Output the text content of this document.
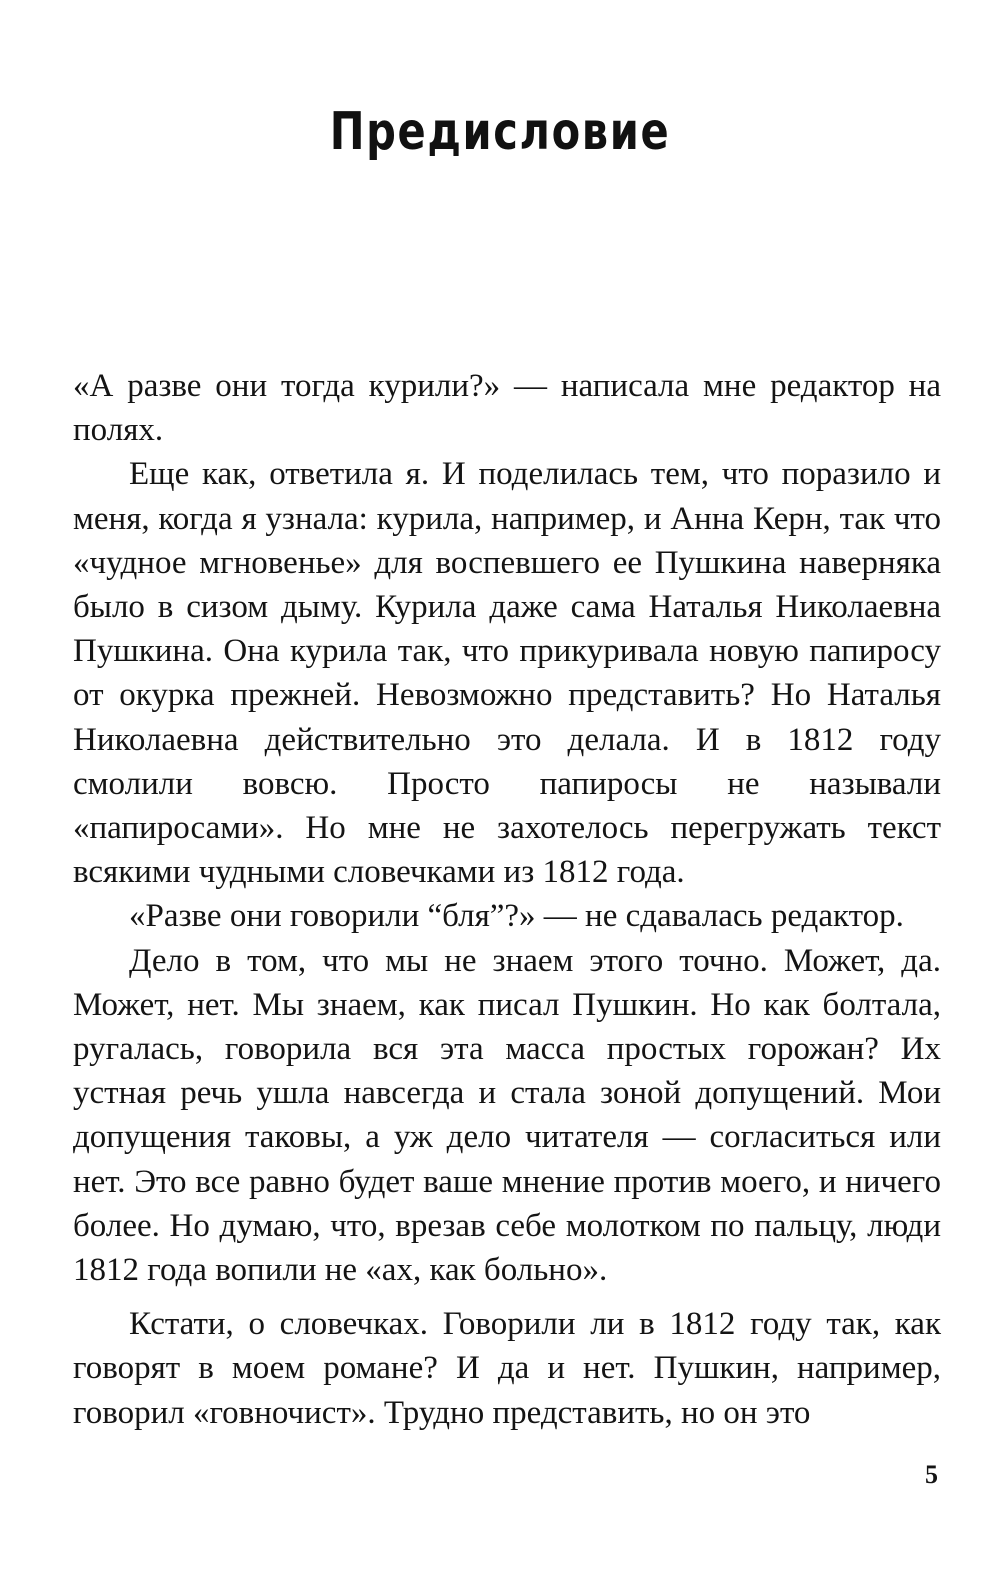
Предисловие

«А разве они тогда курили?» — написала мне редактор на полях.

Еще как, ответила я. И поделилась тем, что поразило и меня, когда я узнала: курила, например, и Анна Керн, так что «чудное мгновенье» для воспевшего ее Пушкина наверняка было в сизом дыму. Курила даже сама Наталья Николаевна Пушкина. Она курила так, что прикуривала новую папиросу от окурка прежней. Невозможно представить? Но Наталья Николаевна действительно это делала. И в 1812 году смолили вовсю. Просто папиросы не называли «папиросами». Но мне не захотелось перегружать текст всякими чудными словечками из 1812 года.

«Разве они говорили “бля”?» — не сдавалась редактор.

Дело в том, что мы не знаем этого точно. Может, да. Может, нет. Мы знаем, как писал Пушкин. Но как болтала, ругалась, говорила вся эта масса простых горожан? Их устная речь ушла навсегда и стала зоной допущений. Мои допущения таковы, а уж дело читателя — согласиться или нет. Это все равно будет ваше мнение против моего, и ничего более. Но думаю, что, врезав себе молотком по пальцу, люди 1812 года вопили не «ах, как больно».

Кстати, о словечках. Говорили ли в 1812 году так, как говорят в моем романе? И да и нет. Пушкин, например, говорил «говночист». Трудно представить, но он это

5
